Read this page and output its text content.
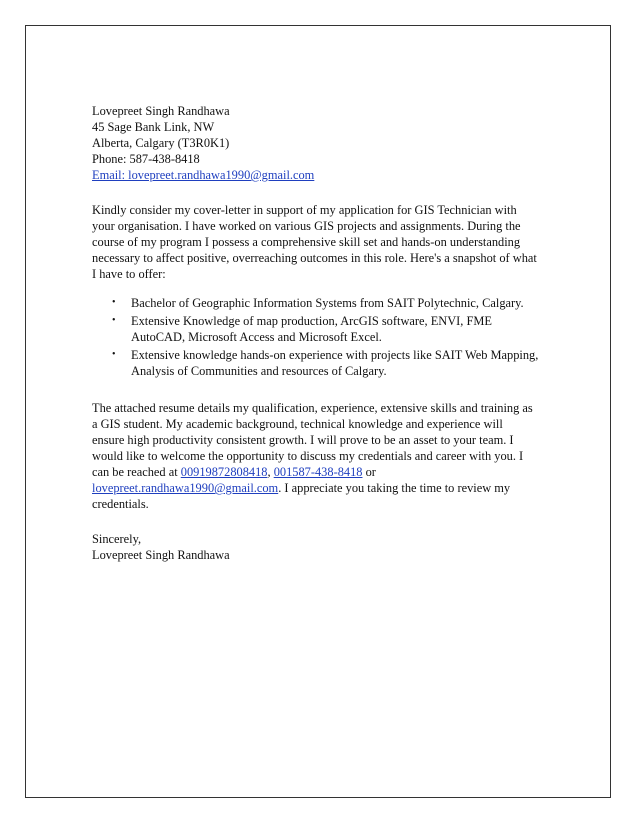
Lovepreet Singh Randhawa
45 Sage Bank Link, NW
Alberta, Calgary (T3R0K1)
Phone: 587-438-8418
Email: lovepreet.randhawa1990@gmail.com
Kindly consider my cover-letter in support of my application for GIS Technician with
your organisation. I have worked on various GIS projects and assignments. During the
course of my program I possess a comprehensive skill set and hands-on understanding
necessary to affect positive, overreaching outcomes in this role. Here's a snapshot of what
I have to offer:
• Bachelor of Geographic Information Systems from SAIT Polytechnic, Calgary.
• Extensive Knowledge of map production, ArcGIS software, ENVI, FME
AutoCAD, Microsoft Access and Microsoft Excel.
• Extensive knowledge hands-on experience with projects like SAIT Web Mapping,
Analysis of Communities and resources of Calgary.
The attached resume details my qualification, experience, extensive skills and training as
a GIS student. My academic background, technical knowledge and experience will
ensure high productivity consistent growth. I will prove to be an asset to your team. I
would like to welcome the opportunity to discuss my credentials and career with you. I
can be reached at 00919872808418, 001587-438-8418 or
lovepreet.randhawa1990@gmail.com. I appreciate you taking the time to review my
credentials.
Sincerely,
Lovepreet Singh Randhawa
